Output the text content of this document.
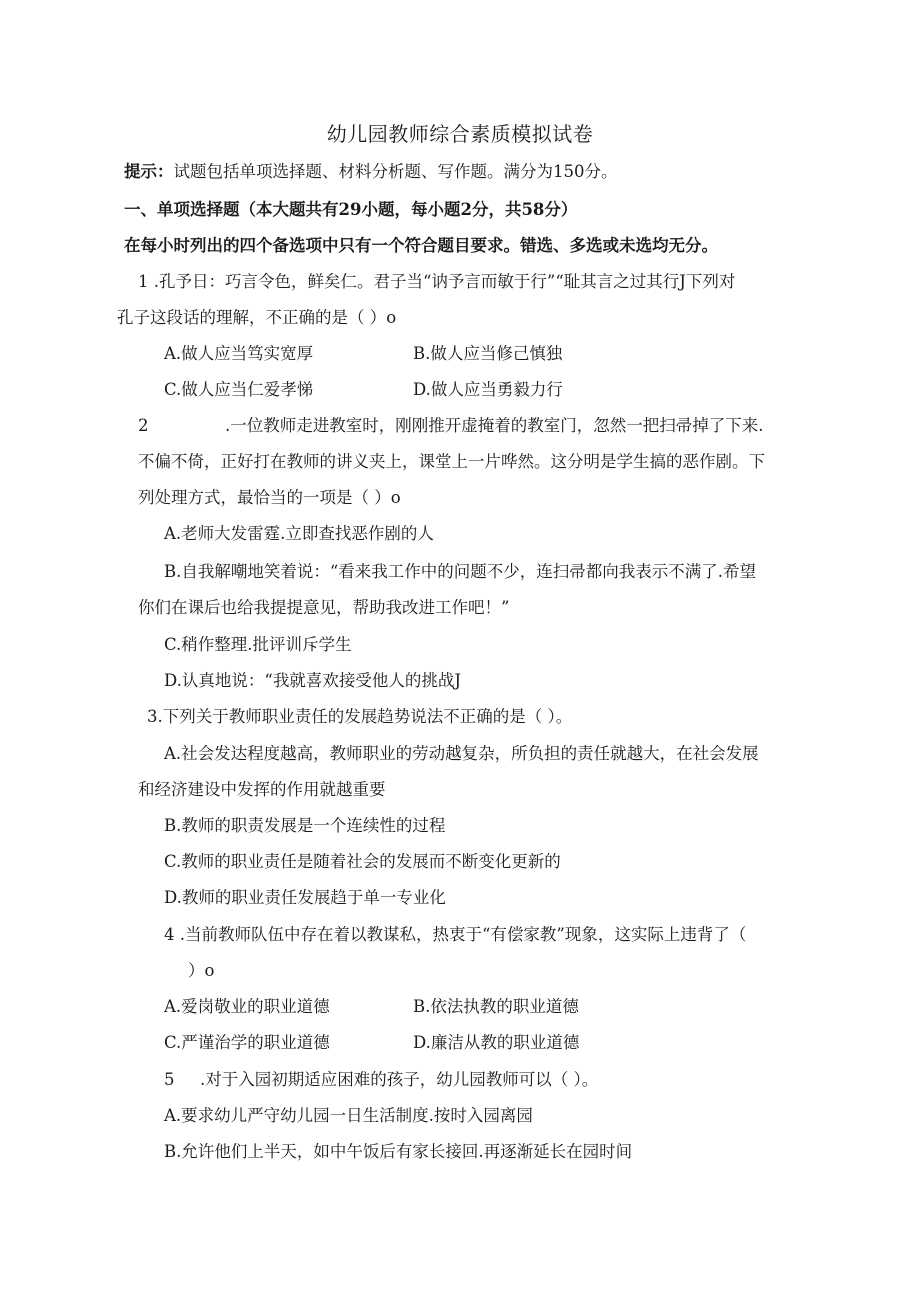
幼儿园教师综合素质模拟试卷
提示：试题包括单项选择题、材料分析题、写作题。满分为150分。
一、单项选择题（本大题共有29小题，每小题2分，共58分）
在每小时列出的四个备选项中只有一个符合题目要求。错选、多选或未选均无分。
1 .孔予日：巧言令色，鲜矣仁。君子当“讷予言而敏于行”“耻其言之过其行J下列对
孔子这段话的理解，不正确的是（ ）o
A.做人应当笃实宽厚	B.做人应当修己慎独
C.做人应当仁爱孝悌	D.做人应当勇毅力行
2	.一位教师走进教室时，刚刚推开虚掩着的教室门，忽然一把扫帚掉了下来.
不偏不倚，正好打在教师的讲义夹上，课堂上一片哗然。这分明是学生搞的恶作剧。下
列处理方式，最恰当的一项是（ ）o
A.老师大发雷霆.立即查找恶作剧的人
B.自我解嘲地笑着说：“看来我工作中的问题不少，连扫帚都向我表示不满了.希望
你们在课后也给我提提意见，帮助我改进工作吧！”
C.稍作整理.批评训斥学生
D.认真地说：“我就喜欢接受他人的挑战J
3.下列关于教师职业责任的发展趋势说法不正确的是（ ）。
A.社会发达程度越高，教师职业的劳动越复杂，所负担的责任就越大，在社会发展
和经济建设中发挥的作用就越重要
B.教师的职责发展是一个连续性的过程
C.教师的职业责任是随着社会的发展而不断变化更新的
D.教师的职业责任发展趋于单一专业化
4 .当前教师队伍中存在着以教谋私，热衷于“有偿家教”现象，这实际上违背了（
）o
A.爱岗敬业的职业道德	B.依法执教的职业道德
C.严谨治学的职业道德	D.廉洁从教的职业道德
5 .对于入园初期适应困难的孩子，幼儿园教师可以（ ）。
A.要求幼儿严守幼儿园一日生活制度.按时入园离园
B.允许他们上半天，如中午饭后有家长接回.再逐渐延长在园时间
